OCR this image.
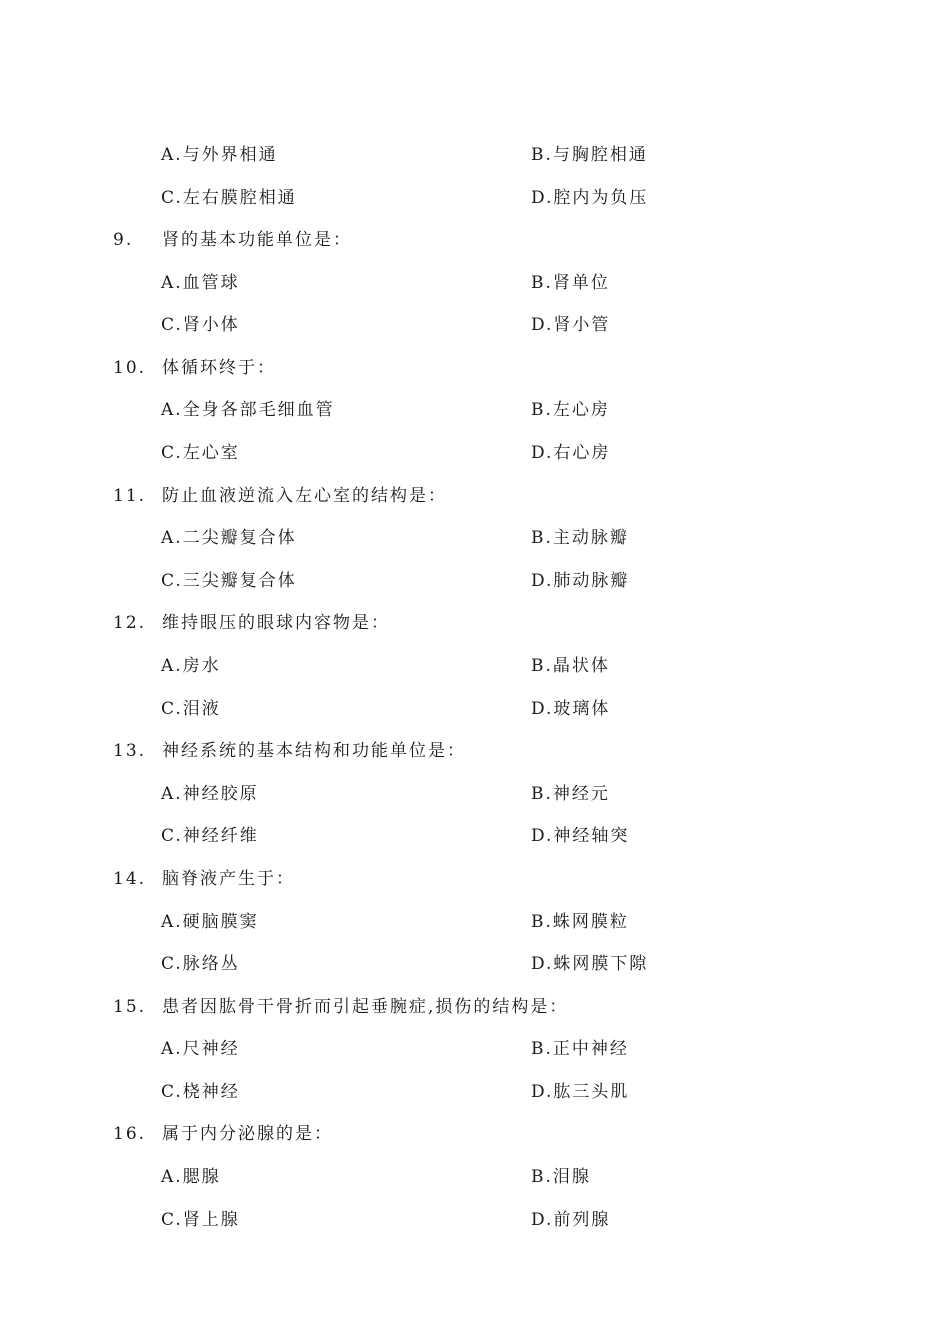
A.与外界相通	B.与胸腔相通
C.左右膜腔相通	D.腔内为负压
9. 肾的基本功能单位是：
A.血管球	B.肾单位
C.肾小体	D.肾小管
10. 体循环终于：
A.全身各部毛细血管	B.左心房
C.左心室	D.右心房
11. 防止血液逆流入左心室的结构是：
A.二尖瓣复合体	B.主动脉瓣
C.三尖瓣复合体	D.肺动脉瓣
12. 维持眼压的眼球内容物是：
A.房水	B.晶状体
C.泪液	D.玻璃体
13. 神经系统的基本结构和功能单位是：
A.神经胶原	B.神经元
C.神经纤维	D.神经轴突
14. 脑脊液产生于：
A.硬脑膜窦	B.蛛网膜粒
C.脉络丛	D.蛛网膜下隙
15. 患者因肱骨干骨折而引起垂腕症,损伤的结构是：
A.尺神经	B.正中神经
C.桡神经	D.肱三头肌
16. 属于内分泌腺的是：
A.腮腺	B.泪腺
C.肾上腺	D.前列腺
